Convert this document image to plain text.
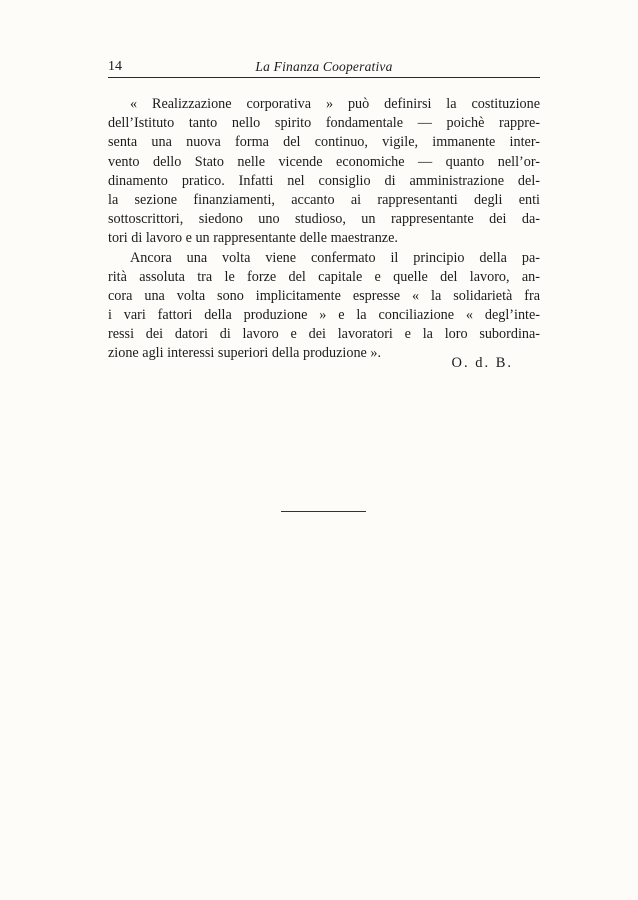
14	La Finanza Cooperativa
« Realizzazione corporativa » può definirsi la costituzione
dell’Istituto tanto nello spirito fondamentale — poichè rappre-
senta una nuova forma del continuo, vigile, immanente inter-
vento dello Stato nelle vicende economiche — quanto nell’or-
dinamento pratico. Infatti nel consiglio di amministrazione del-
la sezione finanziamenti, accanto ai rappresentanti degli enti
sottoscrittori, siedono uno studioso, un rappresentante dei da-
tori di lavoro e un rappresentante delle maestranze.
Ancora una volta viene confermato il principio della pa-
rità assoluta tra le forze del capitale e quelle del lavoro, an-
cora una volta sono implicitamente espresse « la solidarietà fra
i vari fattori della produzione » e la conciliazione « degl’inte-
ressi dei datori di lavoro e dei lavoratori e la loro subordina-
zione agli interessi superiori della produzione ».
O. d. B.
